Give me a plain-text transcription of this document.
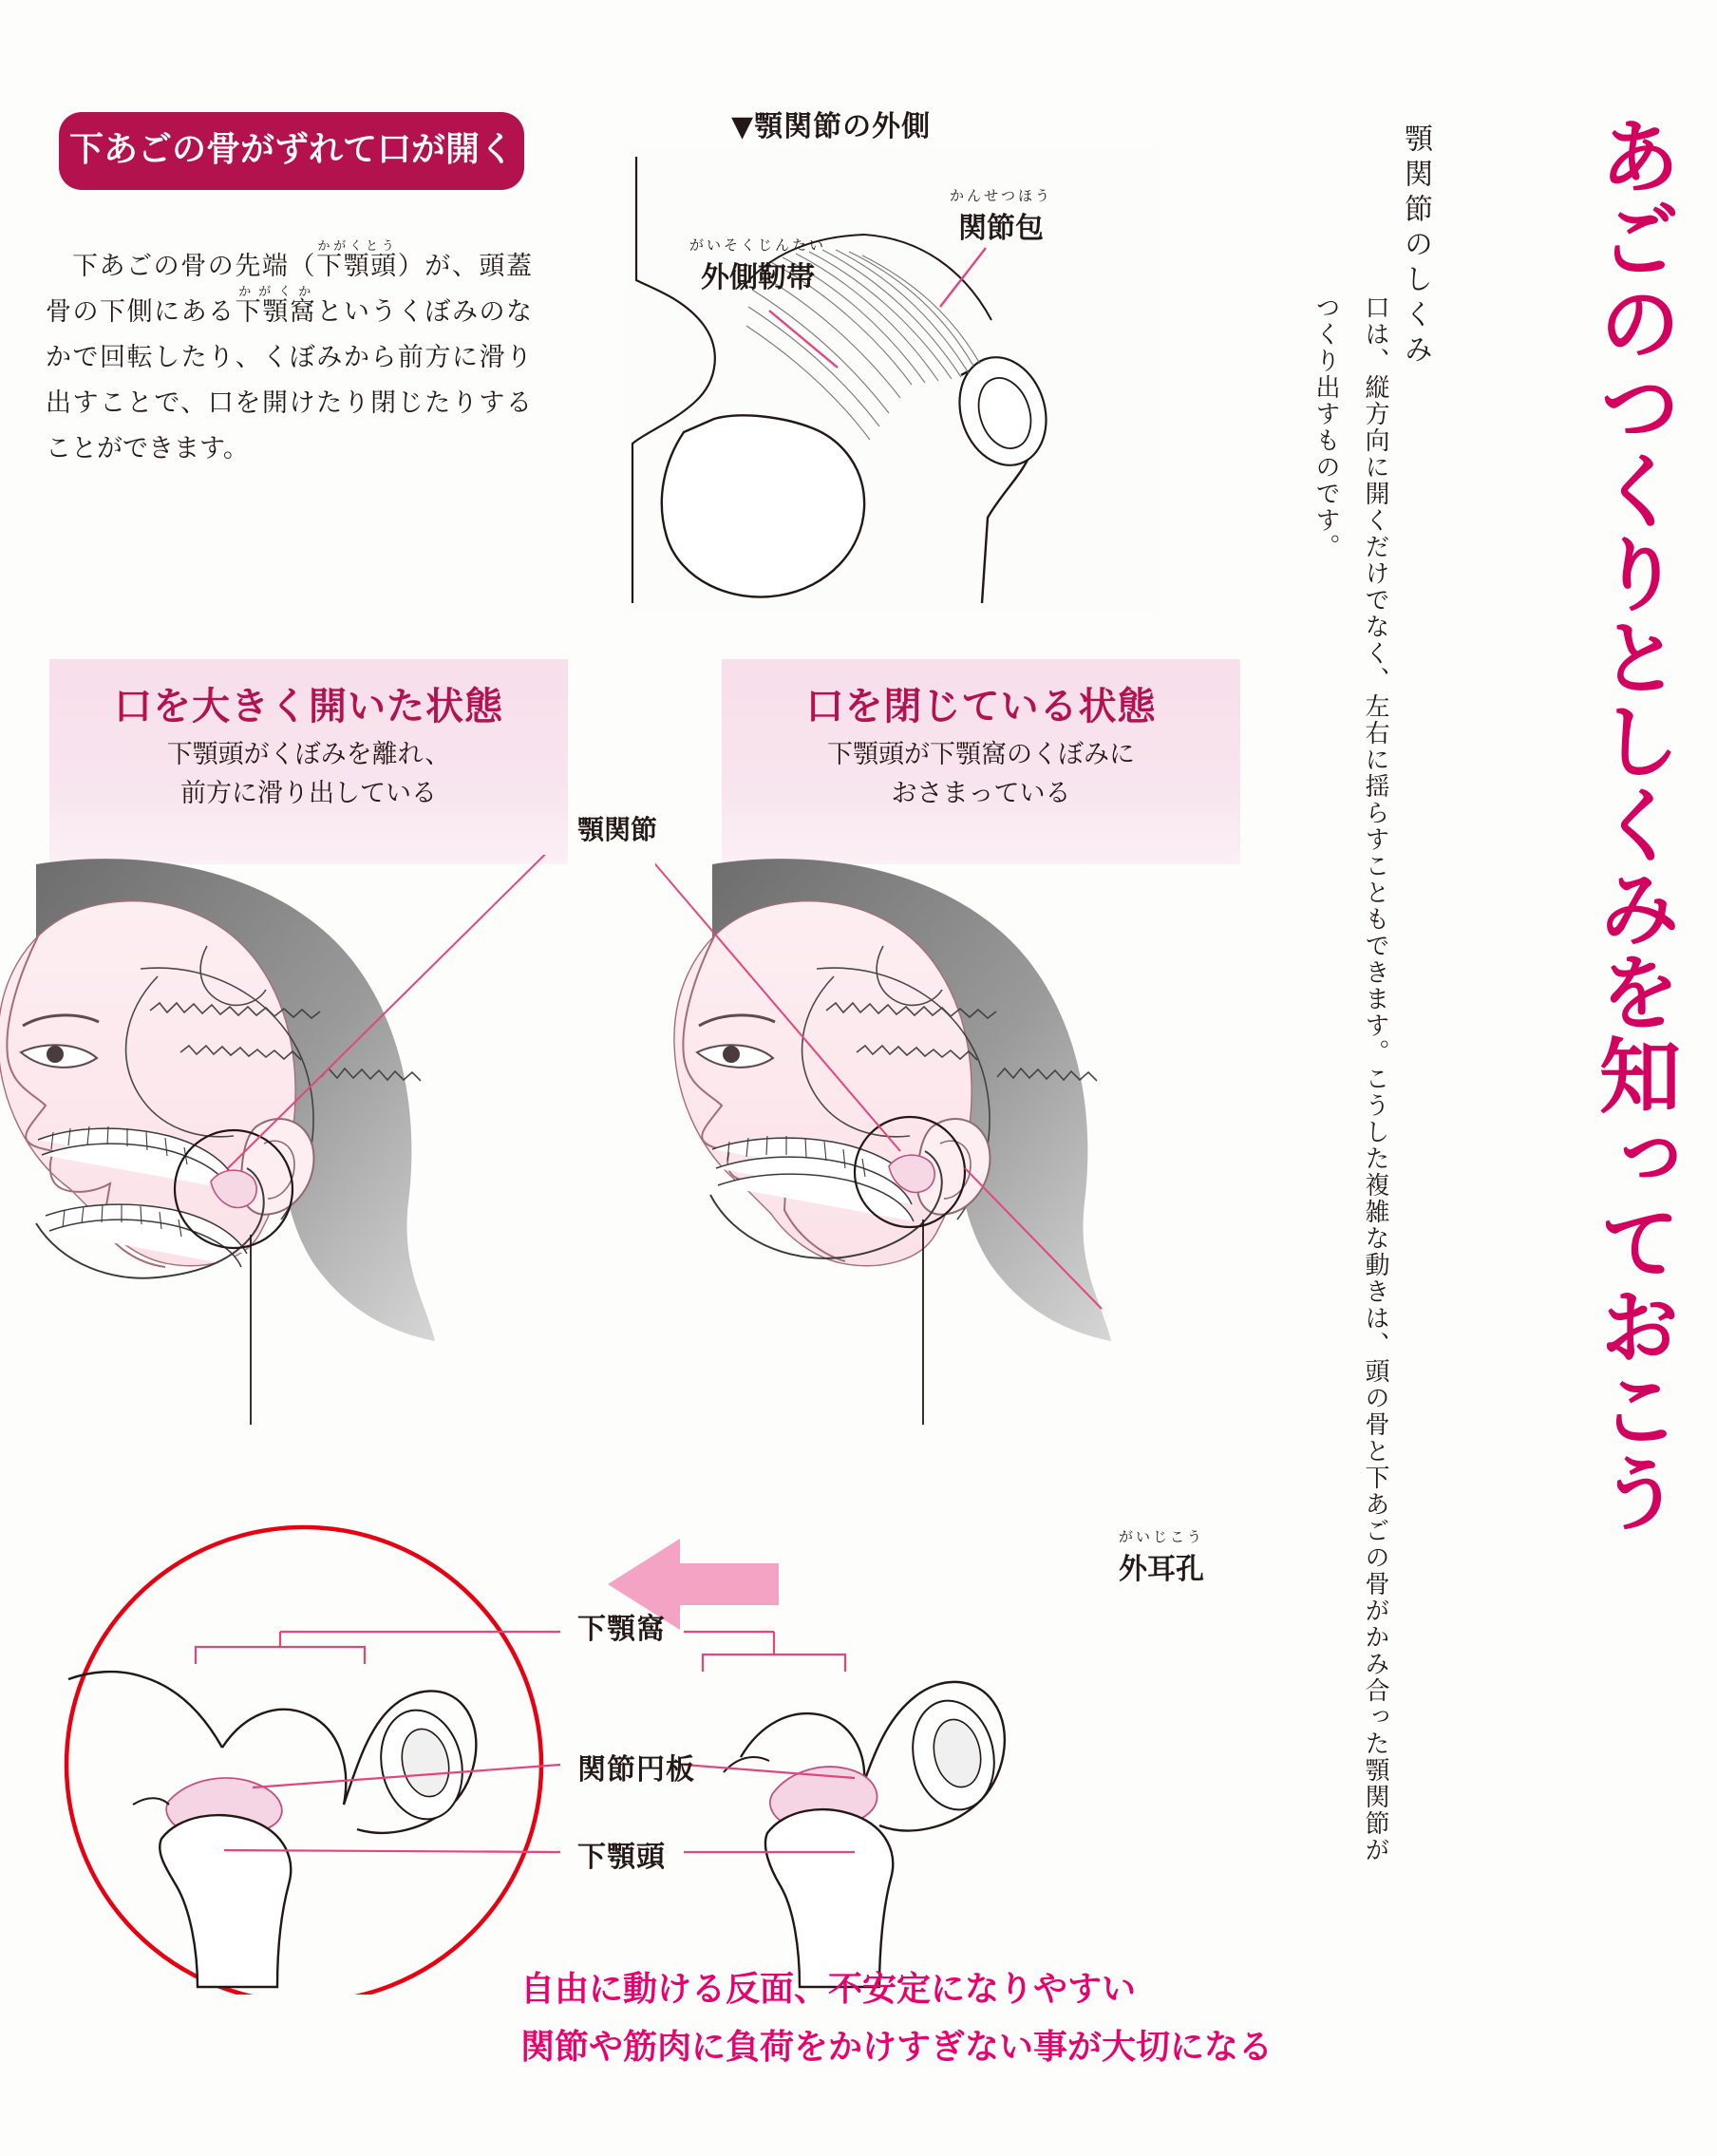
顎関節のしくみ あごのつくりとしくみを知っておこう
口は、縦方向に開くだけでなく、左右に揺らすこともできます。こうした複雑な動きは、頭の骨と下あごの骨がかみ合った顎関節がつくり出すものです。
下あごの骨がずれて口が開く
下あごの骨の先端（下顎頭かがくとう）が、頭蓋骨の下側にある下顎窩かがくかというくぼみのなかで回転したり、くぼみから前方に滑り出すことで、口を開けたり閉じたりすることができます。
▼顎関節の外側
がいそくじんたい
外側靭帯
かんせつほう
関節包
口を大きく開いた状態

下顎頭がくぼみを離れ、

前方に滑り出している

口を閉じている状態

下顎頭が下顎窩のくぼみに

おさまっている

顎関節
がいじこう
外耳孔
下顎窩
関節円板
下顎頭
自由に動ける反面、不安定になりやすい
関節や筋肉に負荷をかけすぎない事が大切になる
